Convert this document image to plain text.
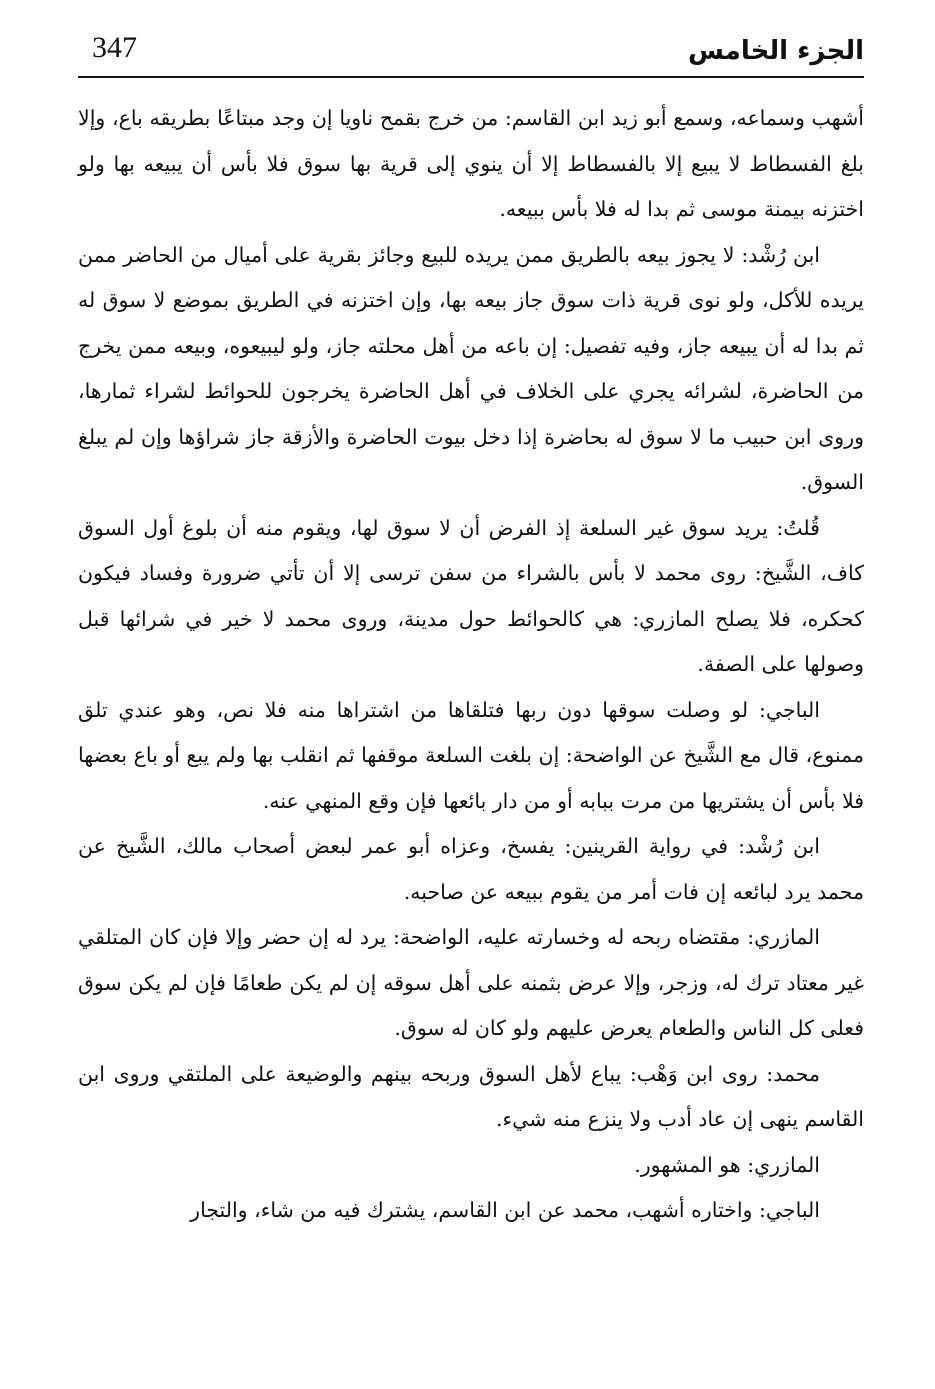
347	الجزء الخامس

أشهب وسماعه، وسمع أبو زيد ابن القاسم: من خرج بقمح ناويا إن وجد مبتاعًا بطريقه باع، وإلا بلغ الفسطاط لا يبيع إلا بالفسطاط إلا أن ينوي إلى قرية بها سوق فلا بأس أن يبيعه بها ولو اختزنه بيمنة موسى ثم بدا له فلا بأس ببيعه.

ابن رُشْد: لا يجوز بيعه بالطريق ممن يريده للبيع وجائز بقرية على أميال من الحاضر ممن يريده للأكل، ولو نوى قرية ذات سوق جاز بيعه بها، وإن اختزنه في الطريق بموضع لا سوق له ثم بدا له أن يبيعه جاز، وفيه تفصيل: إن باعه من أهل محلته جاز، ولو ليبيعوه، وبيعه ممن يخرج من الحاضرة، لشرائه يجري على الخلاف في أهل الحاضرة يخرجون للحوائط لشراء ثمارها، وروى ابن حبيب ما لا سوق له بحاضرة إذا دخل بيوت الحاضرة والأزقة جاز شراؤها وإن لم يبلغ السوق.

قُلتُ: يريد سوق غير السلعة إذ الفرض أن لا سوق لها، ويقوم منه أن بلوغ أول السوق كاف، الشَّيخ: روى محمد لا بأس بالشراء من سفن ترسى إلا أن تأتي ضرورة وفساد فيكون كحكره، فلا يصلح المازري: هي كالحوائط حول مدينة، وروى محمد لا خير في شرائها قبل وصولها على الصفة.

الباجي: لو وصلت سوقها دون ربها فتلقاها من اشتراها منه فلا نص، وهو عندي تلق ممنوع، قال مع الشَّيخ عن الواضحة: إن بلغت السلعة موقفها ثم انقلب بها ولم يبع أو باع بعضها فلا بأس أن يشتريها من مرت ببابه أو من دار بائعها فإن وقع المنهي عنه.

ابن رُشْد: في رواية القرينين: يفسخ، وعزاه أبو عمر لبعض أصحاب مالك، الشَّيخ عن محمد يرد لبائعه إن فات أمر من يقوم ببيعه عن صاحبه.

المازري: مقتضاه ربحه له وخسارته عليه، الواضحة: يرد له إن حضر وإلا فإن كان المتلقي غير معتاد ترك له، وزجر، وإلا عرض بثمنه على أهل سوقه إن لم يكن طعامًا فإن لم يكن سوق فعلى كل الناس والطعام يعرض عليهم ولو كان له سوق.

محمد: روى ابن وَهْب: يباع لأهل السوق وربحه بينهم والوضيعة على الملتقي وروى ابن القاسم ينهى إن عاد أدب ولا ينزع منه شيء.

المازري: هو المشهور.

الباجي: واختاره أشهب، محمد عن ابن القاسم، يشترك فيه من شاء، والتجار
